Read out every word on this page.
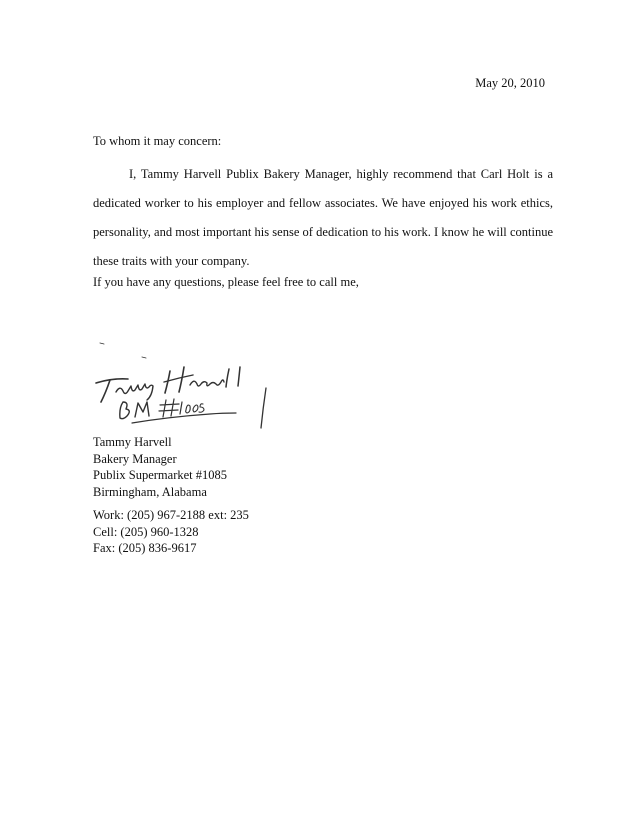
May 20, 2010
To whom it may concern:
I, Tammy Harvell Publix Bakery Manager, highly recommend that Carl Holt is a dedicated worker to his employer and fellow associates. We have enjoyed his work ethics, personality, and most important his sense of dedication to his work. I know he will continue these traits with your company.
If you have any questions, please feel free to call me,
Tammy Harvell
Bakery Manager
Publix Supermarket #1085
Birmingham, Alabama
Work: (205) 967-2188 ext: 235
Cell: (205) 960-1328
Fax: (205) 836-9617
